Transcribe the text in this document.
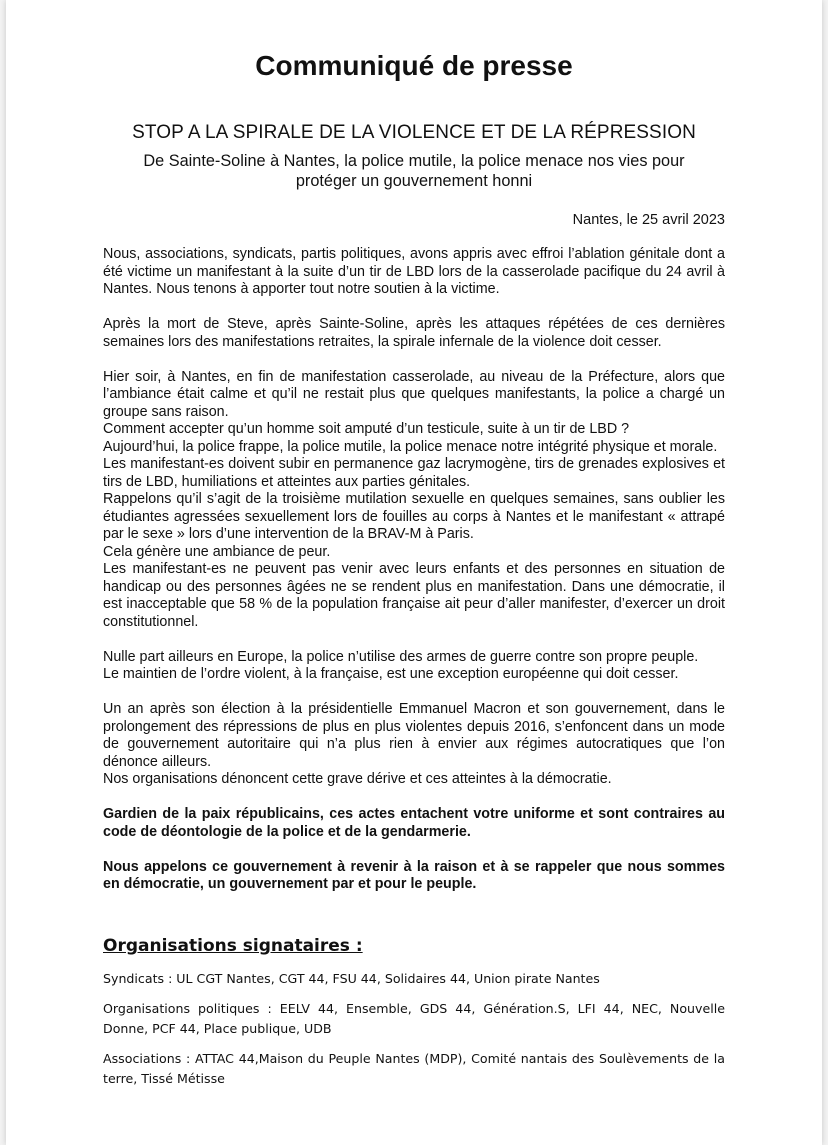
Communiqué de presse
STOP A LA SPIRALE DE LA VIOLENCE ET DE LA RÉPRESSION
De Sainte-Soline à Nantes, la police mutile, la police menace nos vies pour protéger un gouvernement honni
Nantes, le 25 avril 2023

Nous, associations, syndicats, partis politiques, avons appris avec effroi l’ablation génitale dont a été victime un manifestant à la suite d’un tir de LBD lors de la casserolade pacifique du 24 avril à Nantes. Nous tenons à apporter tout notre soutien à la victime.

Après la mort de Steve, après Sainte-Soline, après les attaques répétées de ces dernières semaines lors des manifestations retraites, la spirale infernale de la violence doit cesser.

Hier soir, à Nantes, en fin de manifestation casserolade, au niveau de la Préfecture, alors que l’ambiance était calme et qu’il ne restait plus que quelques manifestants, la police a chargé un groupe sans raison.

Comment accepter qu’un homme soit amputé d’un testicule, suite à un tir de LBD ?

Aujourd’hui, la police frappe, la police mutile, la police menace notre intégrité physique et morale.

Les manifestant-es doivent subir en permanence gaz lacrymogène, tirs de grenades explosives et tirs de LBD, humiliations et atteintes aux parties génitales.

Rappelons qu’il s’agit de la troisième mutilation sexuelle en quelques semaines, sans oublier les étudiantes agressées sexuellement lors de fouilles au corps à Nantes et le manifestant « attrapé par le sexe » lors d’une intervention de la BRAV-M à Paris.

Cela génère une ambiance de peur.

Les manifestant-es ne peuvent pas venir avec leurs enfants et des personnes en situation de handicap ou des personnes âgées ne se rendent plus en manifestation. Dans une démocratie, il est inacceptable que 58 % de la population française ait peur d’aller manifester, d’exercer un droit constitutionnel.

Nulle part ailleurs en Europe, la police n’utilise des armes de guerre contre son propre peuple.

Le maintien de l’ordre violent, à la française, est une exception européenne qui doit cesser.

Un an après son élection à la présidentielle Emmanuel Macron et son gouvernement, dans le prolongement des répressions de plus en plus violentes depuis 2016, s’enfoncent dans un mode de gouvernement autoritaire qui n’a plus rien à envier aux régimes autocratiques que l’on dénonce ailleurs.

Nos organisations dénoncent cette grave dérive et ces atteintes à la démocratie.

Gardien de la paix républicains, ces actes entachent votre uniforme et sont contraires au code de déontologie de la police et de la gendarmerie.

Nous appelons ce gouvernement à revenir à la raison et à se rappeler que nous sommes en démocratie, un gouvernement par et pour le peuple.

Organisations signataires :
Syndicats : UL CGT Nantes, CGT 44, FSU 44, Solidaires 44, Union pirate Nantes
Organisations politiques : EELV 44, Ensemble, GDS 44, Génération.S, LFI 44, NEC, Nouvelle Donne, PCF 44, Place publique, UDB
Associations : ATTAC 44,Maison du Peuple Nantes (MDP), Comité nantais des Soulèvements de la terre, Tissé Métisse
